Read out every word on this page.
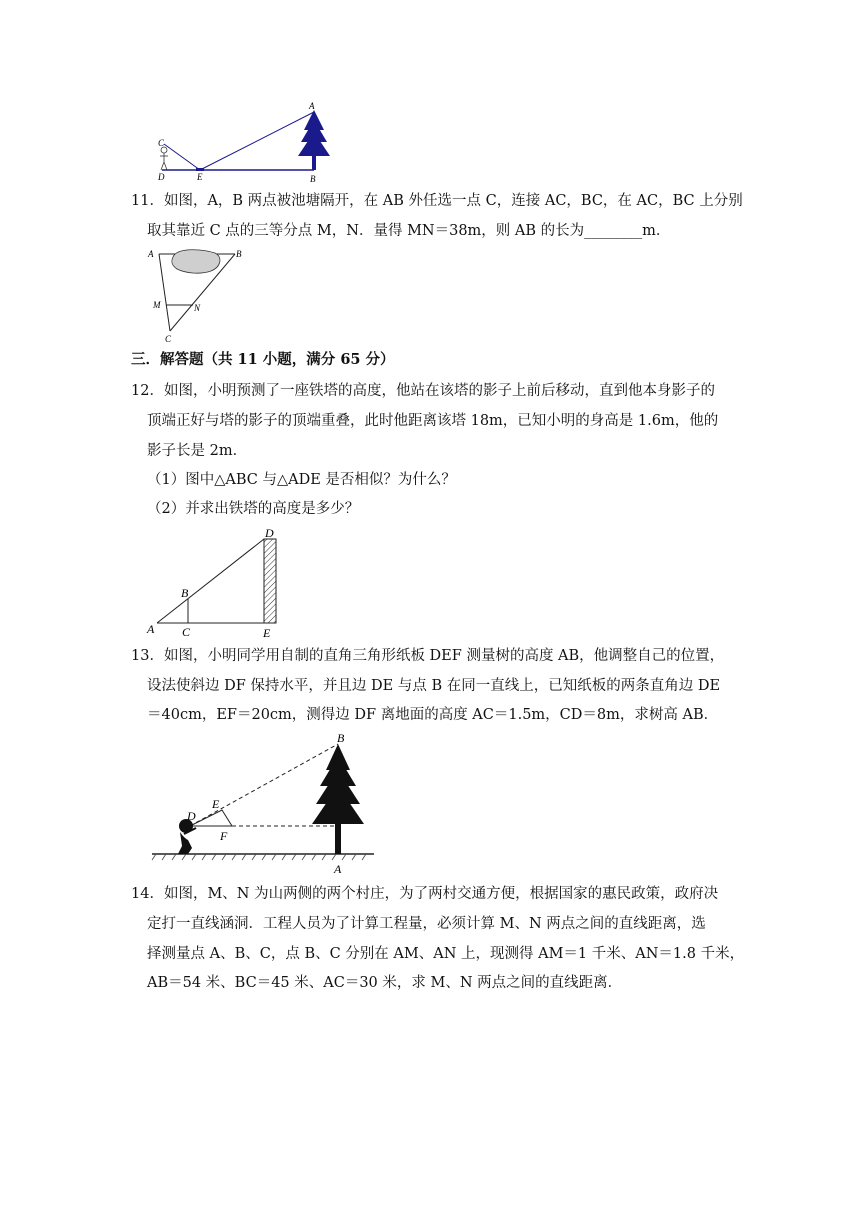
C
D	E
A
B
11．如图，A，B 两点被池塘隔开，在 AB 外任选一点 C，连接 AC，BC，在 AC，BC 上分别
取其靠近 C 点的三等分点 M，N．量得 MN＝38m，则 AB 的长为________m．
A	B
M	N
C
三．解答题（共 11 小题，满分 65 分）
12．如图，小明预测了一座铁塔的高度，他站在该塔的影子上前后移动，直到他本身影子的
顶端正好与塔的影子的顶端重叠，此时他距离该塔 18m，已知小明的身高是 1.6m，他的
影子长是 2m．
（1）图中△ABC 与△ADE 是否相似？为什么？
（2）并求出铁塔的高度是多少？
A
B
C
D
E
13．如图，小明同学用自制的直角三角形纸板 DEF 测量树的高度 AB，他调整自己的位置，
设法使斜边 DF 保持水平，并且边 DE 与点 B 在同一直线上，已知纸板的两条直角边 DE
＝40cm，EF＝20cm，测得边 DF 离地面的高度 AC＝1.5m，CD＝8m，求树高 AB．
B
E
D
F	C
A
14．如图，M、N 为山两侧的两个村庄，为了两村交通方便，根据国家的惠民政策，政府决
定打一直线涵洞．工程人员为了计算工程量，必须计算 M、N 两点之间的直线距离，选
择测量点 A、B、C，点 B、C 分别在 AM、AN 上，现测得 AM＝1 千米、AN＝1.8 千米，
AB＝54 米、BC＝45 米、AC＝30 米，求 M、N 两点之间的直线距离．
